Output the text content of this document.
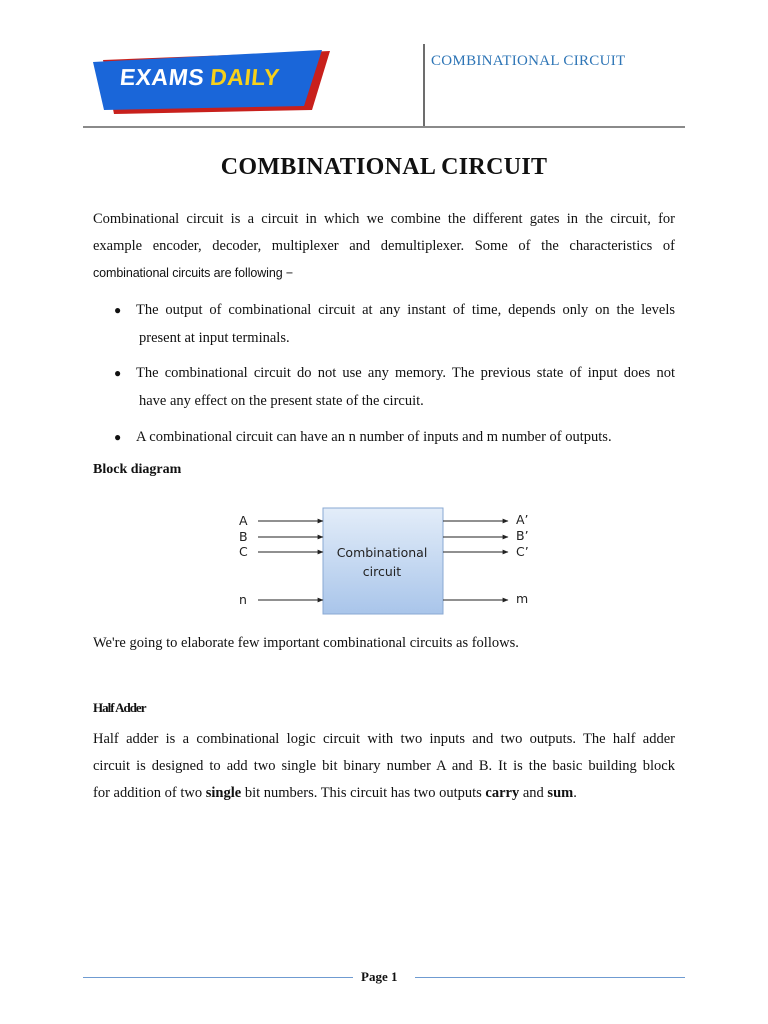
EXAMS DAILY
COMBINATIONAL CIRCUIT
COMBINATIONAL CIRCUIT
Combinational circuit is a circuit in which we combine the different gates in the circuit, for
example encoder, decoder, multiplexer and demultiplexer. Some of the characteristics of
combinational circuits are following −
● The output of combinational circuit at any instant of time, depends only on the levels
present at input terminals.
● The combinational circuit do not use any memory. The previous state of input does not
have any effect on the present state of the circuit.
● A combinational circuit can have an n number of inputs and m number of outputs.
Block diagram
Combinational
circuit
A
B
C
n
A’
B’
C’
m
We're going to elaborate few important combinational circuits as follows.
Half Adder
Half adder is a combinational logic circuit with two inputs and two outputs. The half adder
circuit is designed to add two single bit binary number A and B. It is the basic building block
for addition of two single bit numbers. This circuit has two outputs carry and sum.
Page 1
